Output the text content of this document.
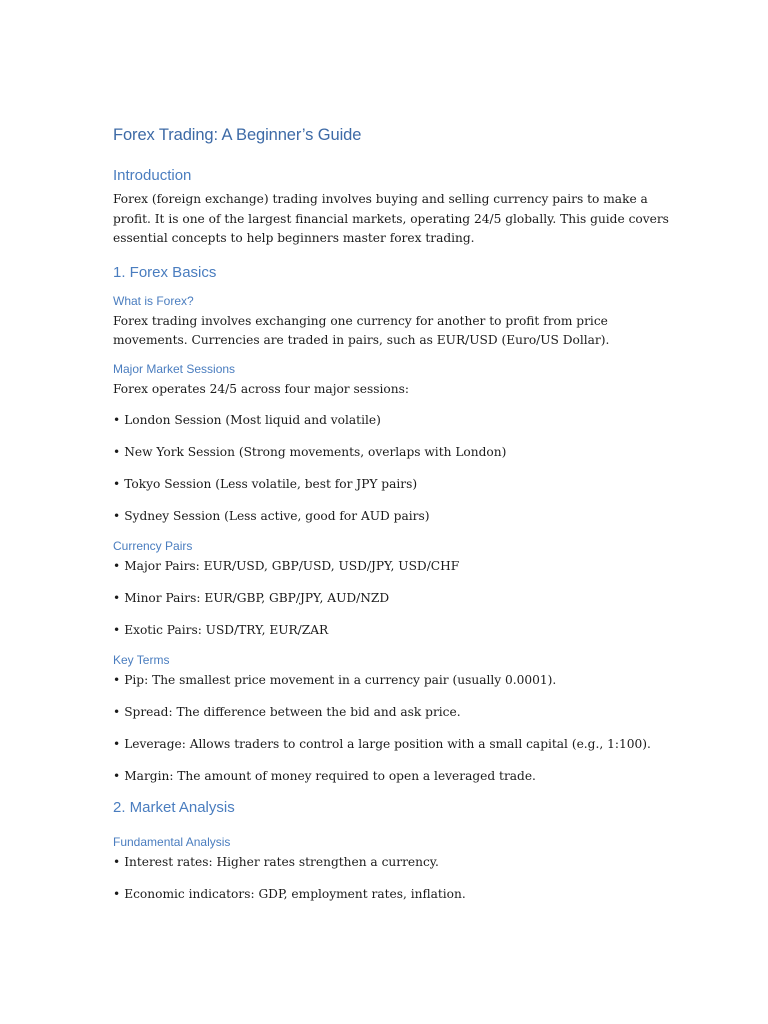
Forex Trading: A Beginner’s Guide
Introduction
Forex (foreign exchange) trading involves buying and selling currency pairs to make a profit. It is one of the largest financial markets, operating 24/5 globally. This guide covers essential concepts to help beginners master forex trading.
1. Forex Basics
What is Forex?
Forex trading involves exchanging one currency for another to profit from price movements. Currencies are traded in pairs, such as EUR/USD (Euro/US Dollar).
Major Market Sessions
Forex operates 24/5 across four major sessions:
• London Session (Most liquid and volatile)
• New York Session (Strong movements, overlaps with London)
• Tokyo Session (Less volatile, best for JPY pairs)
• Sydney Session (Less active, good for AUD pairs)
Currency Pairs
• Major Pairs: EUR/USD, GBP/USD, USD/JPY, USD/CHF
• Minor Pairs: EUR/GBP, GBP/JPY, AUD/NZD
• Exotic Pairs: USD/TRY, EUR/ZAR
Key Terms
• Pip: The smallest price movement in a currency pair (usually 0.0001).
• Spread: The difference between the bid and ask price.
• Leverage: Allows traders to control a large position with a small capital (e.g., 1:100).
• Margin: The amount of money required to open a leveraged trade.
2. Market Analysis
Fundamental Analysis
• Interest rates: Higher rates strengthen a currency.
• Economic indicators: GDP, employment rates, inflation.
